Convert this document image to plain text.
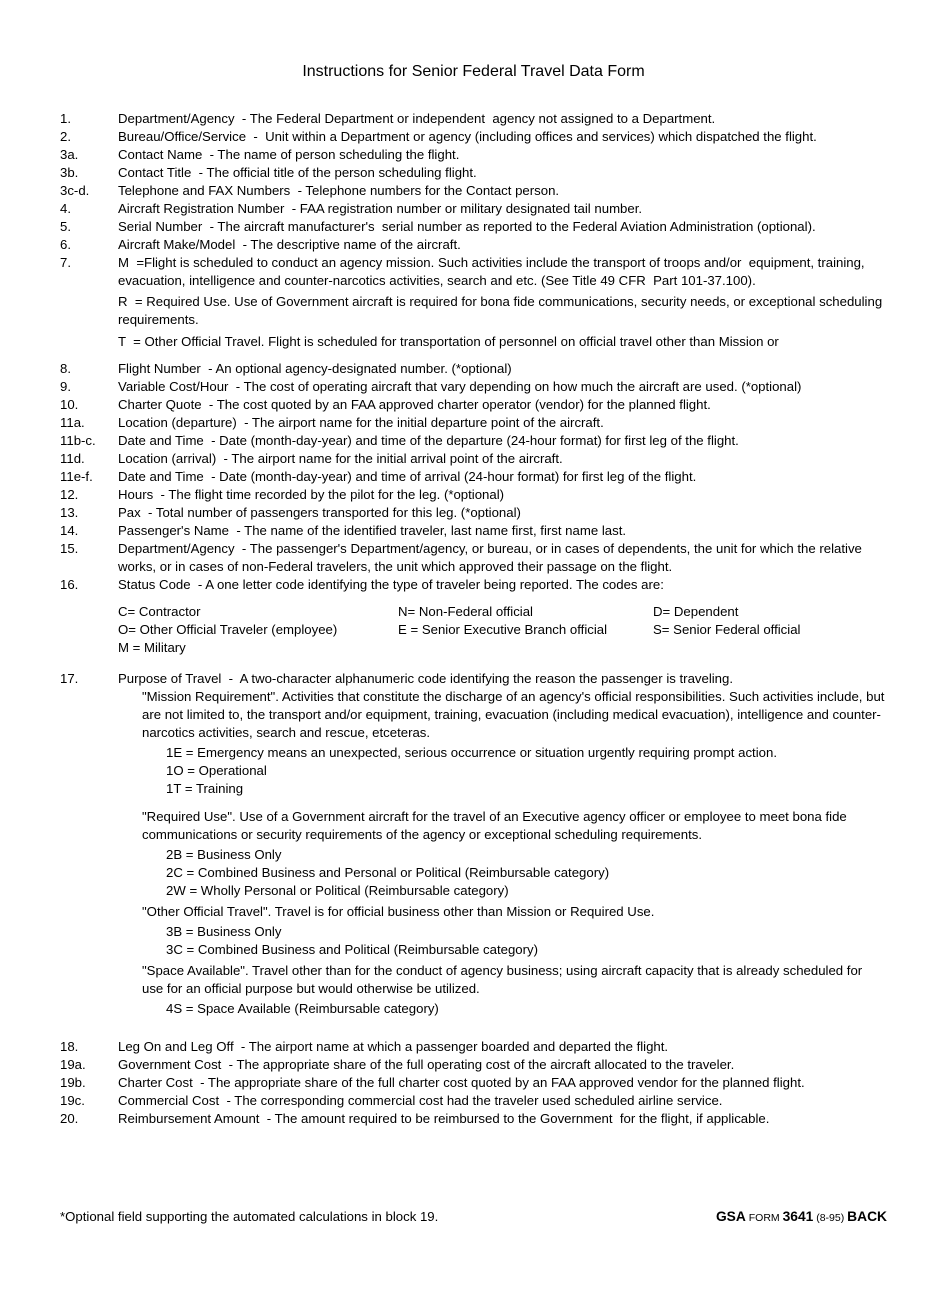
Instructions for Senior Federal Travel Data Form
1.	Department/Agency  - The Federal Department or independent  agency not assigned to a Department.
2.	Bureau/Office/Service  -  Unit within a Department or agency (including offices and services) which dispatched the flight.
3a.	Contact Name  - The name of person scheduling the flight.
3b.	Contact Title  - The official title of the person scheduling flight.
3c-d.	Telephone and FAX Numbers  - Telephone numbers for the Contact person.
4.	Aircraft Registration Number  - FAA registration number or military designated tail number.
5.	Serial Number  - The aircraft manufacturer's  serial number as reported to the Federal Aviation Administration (optional).
6.	Aircraft Make/Model  - The descriptive name of the aircraft.
7.	M  =Flight is scheduled to conduct an agency mission. Such activities include the transport of troops and/or  equipment, training, evacuation, intelligence and counter-narcotics activities, search and etc. (See Title 49 CFR  Part 101-37.100).
R  = Required Use. Use of Government aircraft is required for bona fide communications, security needs, or exceptional scheduling requirements.
T  = Other Official Travel. Flight is scheduled for transportation of personnel on official travel other than Mission or
8.	Flight Number  - An optional agency-designated number. (*optional)
9.	Variable Cost/Hour  - The cost of operating aircraft that vary depending on how much the aircraft are used. (*optional)
10.	Charter Quote  - The cost quoted by an FAA approved charter operator (vendor) for the planned flight.
11a.	Location (departure)  - The airport name for the initial departure point of the aircraft.
11b-c.	Date and Time  - Date (month-day-year) and time of the departure (24-hour format) for first leg of the flight.
11d.	Location (arrival)  - The airport name for the initial arrival point of the aircraft.
11e-f.	Date and Time  - Date (month-day-year) and time of arrival (24-hour format) for first leg of the flight.
12.	Hours  - The flight time recorded by the pilot for the leg. (*optional)
13.	Pax  - Total number of passengers transported for this leg. (*optional)
14.	Passenger's Name  - The name of the identified traveler, last name first, first name last.
15.	Department/Agency  - The passenger's Department/agency, or bureau, or in cases of dependents, the unit for which the relative works, or in cases of non-Federal travelers, the unit which approved their passage on the flight.
16.	Status Code  - A one letter code identifying the type of traveler being reported. The codes are:
C= Contractor	N= Non-Federal official	D= Dependent
O= Other Official Traveler (employee)	E = Senior Executive Branch official	S= Senior Federal official
M = Military
17.	Purpose of Travel  -  A two-character alphanumeric code identifying the reason the passenger is traveling.
"Mission Requirement". Activities that constitute the discharge of an agency's official responsibilities. Such activities include, but are not limited to, the transport and/or equipment, training, evacuation (including medical evacuation), intelligence and counter-narcotics activities, search and rescue, etceteras.
1E = Emergency means an unexpected, serious occurrence or situation urgently requiring prompt action.
1O = Operational
1T = Training
"Required Use". Use of a Government aircraft for the travel of an Executive agency officer or employee to meet bona fide communications or security requirements of the agency or exceptional scheduling requirements.
2B = Business Only
2C = Combined Business and Personal or Political (Reimbursable category)
2W = Wholly Personal or Political (Reimbursable category)
"Other Official Travel". Travel is for official business other than Mission or Required Use.
3B = Business Only
3C = Combined Business and Political (Reimbursable category)
"Space Available". Travel other than for the conduct of agency business; using aircraft capacity that is already scheduled for use for an official purpose but would otherwise be utilized.
4S = Space Available (Reimbursable category)
18.	Leg On and Leg Off  - The airport name at which a passenger boarded and departed the flight.
19a.	Government Cost  - The appropriate share of the full operating cost of the aircraft allocated to the traveler.
19b.	Charter Cost  - The appropriate share of the full charter cost quoted by an FAA approved vendor for the planned flight.
19c.	Commercial Cost  - The corresponding commercial cost had the traveler used scheduled airline service.
20.	Reimbursement Amount  - The amount required to be reimbursed to the Government  for the flight, if applicable.
*Optional field supporting the automated calculations in block 19.	GSA FORM 3641 (8-95) BACK
